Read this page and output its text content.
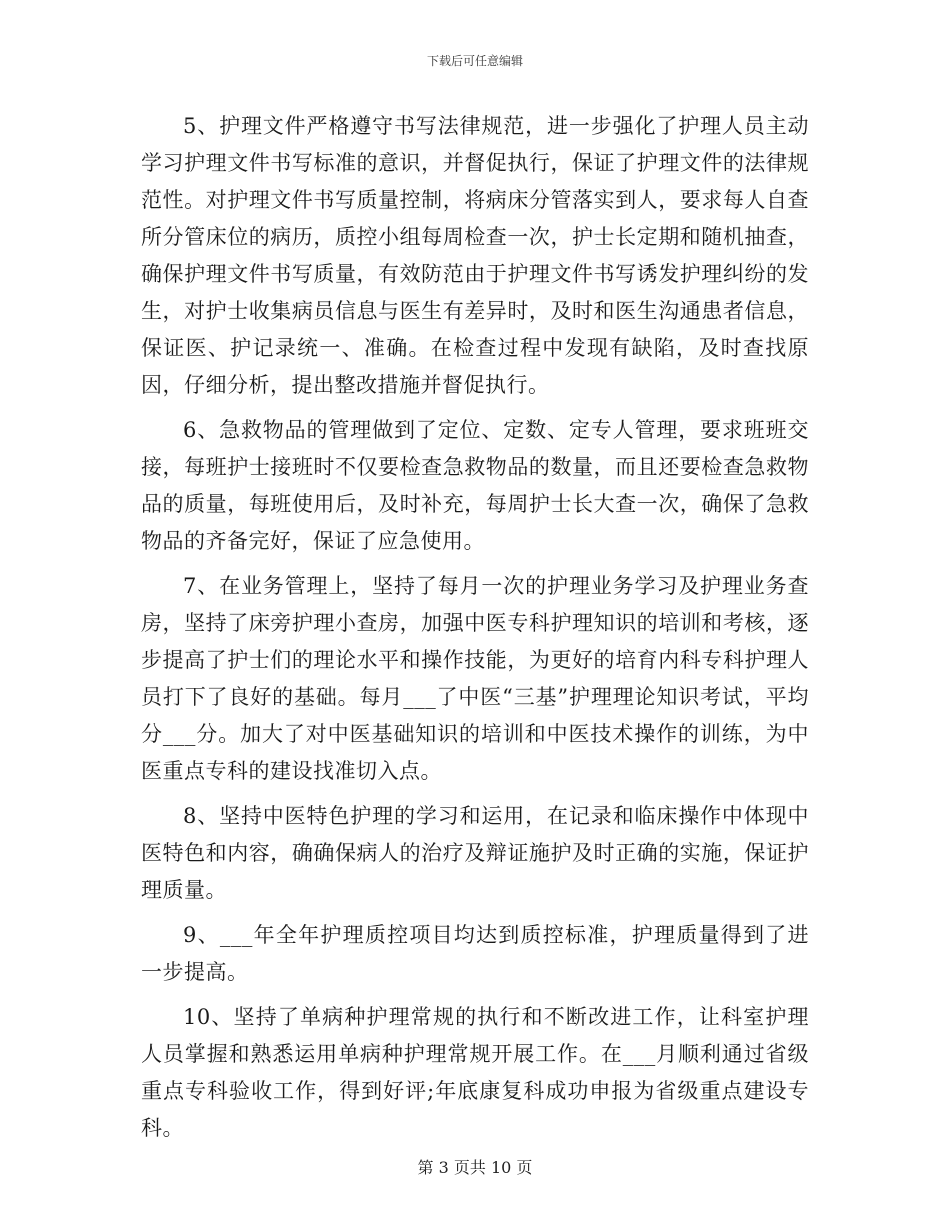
下载后可任意编辑

5、护理文件严格遵守书写法律规范，进一步强化了护理人员主动学习护理文件书写标准的意识，并督促执行，保证了护理文件的法律规范性。对护理文件书写质量控制，将病床分管落实到人，要求每人自查所分管床位的病历，质控小组每周检查一次，护士长定期和随机抽查，确保护理文件书写质量，有效防范由于护理文件书写诱发护理纠纷的发生，对护士收集病员信息与医生有差异时，及时和医生沟通患者信息，保证医、护记录统一、准确。在检查过程中发现有缺陷，及时查找原因，仔细分析，提出整改措施并督促执行。

6、急救物品的管理做到了定位、定数、定专人管理，要求班班交接，每班护士接班时不仅要检查急救物品的数量，而且还要检查急救物品的质量，每班使用后，及时补充，每周护士长大查一次，确保了急救物品的齐备完好，保证了应急使用。

7、在业务管理上，坚持了每月一次的护理业务学习及护理业务查房，坚持了床旁护理小查房，加强中医专科护理知识的培训和考核，逐步提高了护士们的理论水平和操作技能，为更好的培育内科专科护理人员打下了良好的基础。每月___了中医“三基”护理理论知识考试，平均分___分。加大了对中医基础知识的培训和中医技术操作的训练，为中医重点专科的建设找准切入点。

8、坚持中医特色护理的学习和运用，在记录和临床操作中体现中医特色和内容，确确保病人的治疗及辩证施护及时正确的实施，保证护理质量。

9、___年全年护理质控项目均达到质控标准，护理质量得到了进一步提高。

10、坚持了单病种护理常规的执行和不断改进工作，让科室护理人员掌握和熟悉运用单病种护理常规开展工作。在___月顺利通过省级重点专科验收工作，得到好评;年底康复科成功申报为省级重点建设专科。

第 3 页共 10 页
